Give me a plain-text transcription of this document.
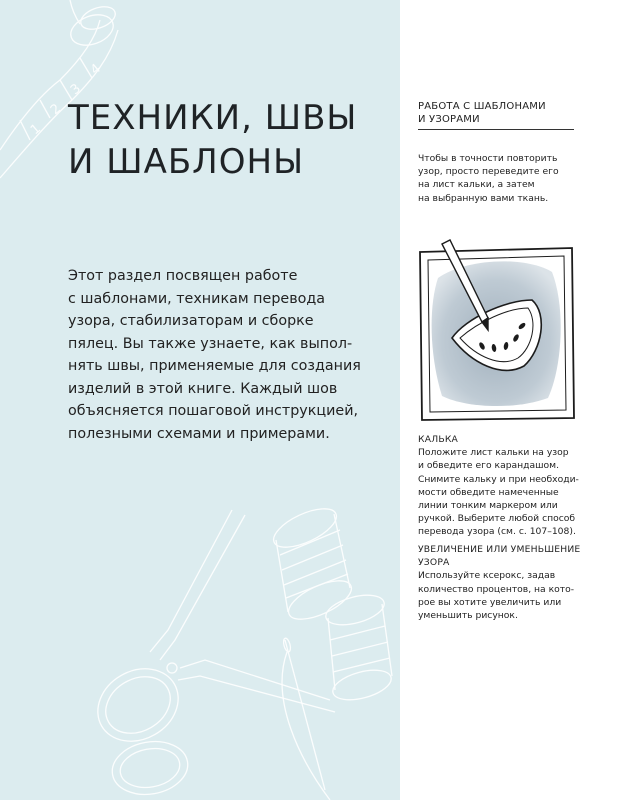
4
3
2
1 ТЕХНИКИ, ШВЫ
И ШАБЛОНЫ
Этот раздел посвящен работе
с шаблонами, техникам перевода
узора, стабилизаторам и сборке
пялец. Вы также узнаете, как выпол-
нять швы, применяемые для создания
изделий в этой книге. Каждый шов
объясняется пошаговой инструкцией,
полезными схемами и примерами.
РАБОТА С ШАБЛОНАМИ
И УЗОРАМИ
Чтобы в точности повторить
узор, просто переведите его
на лист кальки, а затем
на выбранную вами ткань.
КАЛЬКА
Положите лист кальки на узор
и обведите его карандашом.
Снимите кальку и при необходи-
мости обведите намеченные
линии тонким маркером или
ручкой. Выберите любой способ
перевода узора (см. с. 107–108).
УВЕЛИЧЕНИЕ ИЛИ УМЕНЬШЕНИЕ
УЗОРА
Используйте ксерокс, задав
количество процентов, на кото-
рое вы хотите увеличить или
уменьшить рисунок.
